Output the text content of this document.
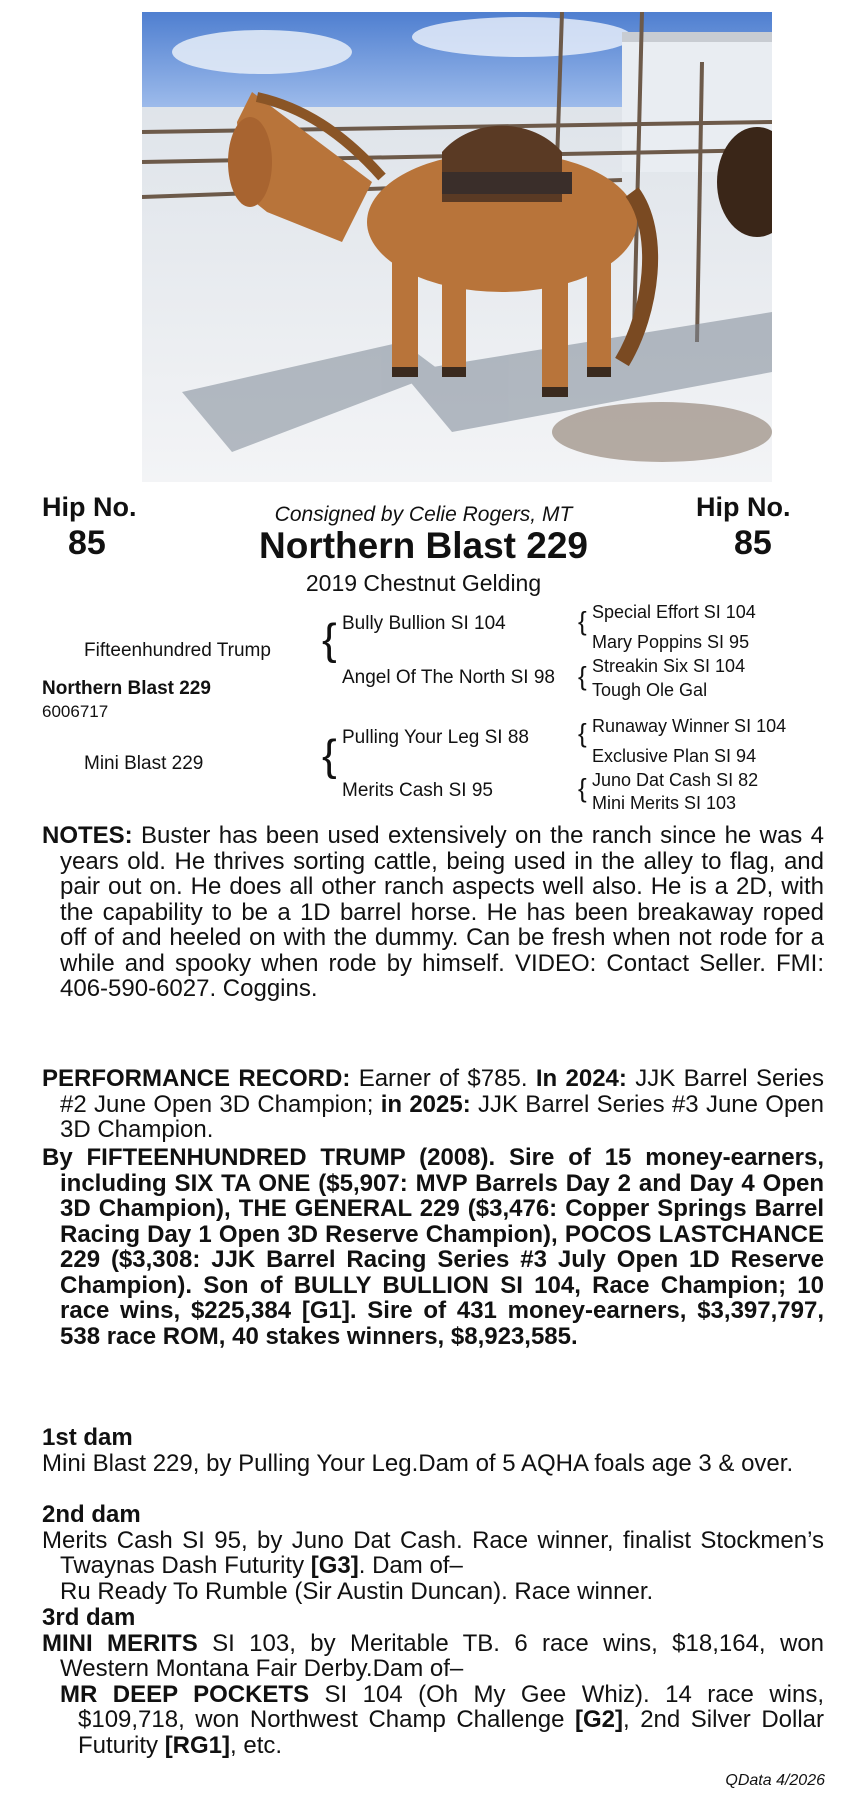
Hip No.
85
Hip No.
85
Consigned by Celie Rogers, MT
Northern Blast 229
2019 Chestnut Gelding
Fifteenhundred Trump
Northern Blast 229
6006717
Mini Blast 229
{
{
Bully Bullion SI 104
Angel Of The North SI 98
Pulling Your Leg SI 88
Merits Cash SI 95
{
{
{
{
Special Effort SI 104
Mary Poppins SI 95
Streakin Six SI 104
Tough Ole Gal
Runaway Winner SI 104
Exclusive Plan SI 94
Juno Dat Cash SI 82
Mini Merits SI 103

NOTES: Buster has been used extensively on the ranch since he was 4 years old. He thrives sorting cattle, being used in the alley to flag, and pair out on. He does all other ranch aspects well also. He is a 2D, with the capability to be a 1D barrel horse. He has been breakaway roped off of and heeled on with the dummy. Can be fresh when not rode for a while and spooky when rode by himself. VIDEO: Contact Seller. FMI: 406-590-6027. Coggins.

PERFORMANCE RECORD: Earner of $785. In 2024: JJK Barrel Series #2 June Open 3D Champion; in 2025: JJK Barrel Series #3 June Open 3D Champion.

By FIFTEENHUNDRED TRUMP (2008). Sire of 15 money-earners, including SIX TA ONE ($5,907: MVP Barrels Day 2 and Day 4 Open 3D Champion), THE GENERAL 229 ($3,476: Copper Springs Barrel Racing Day 1 Open 3D Reserve Champion), POCOS LASTCHANCE 229 ($3,308: JJK Barrel Racing Series #3 July Open 1D Reserve Champion). Son of BULLY BULLION SI 104, Race Champion; 10 race wins, $225,384 [G1]. Sire of 431 money-earners, $3,397,797, 538 race ROM, 40 stakes winners, $8,923,585.

1st dam

Mini Blast 229, by Pulling Your Leg.Dam of 5 AQHA foals age 3 & over.

2nd dam

Merits Cash SI 95, by Juno Dat Cash. Race winner, finalist Stockmen’s Twaynas Dash Futurity [G3]. Dam of–

Ru Ready To Rumble (Sir Austin Duncan). Race winner.

3rd dam

MINI MERITS SI 103, by Meritable TB. 6 race wins, $18,164, won Western Montana Fair Derby.Dam of–

MR DEEP POCKETS SI 104 (Oh My Gee Whiz). 14 race wins, $109,718, won Northwest Champ Challenge [G2], 2nd Silver Dollar Futurity [RG1], etc.

QData 4/2026
